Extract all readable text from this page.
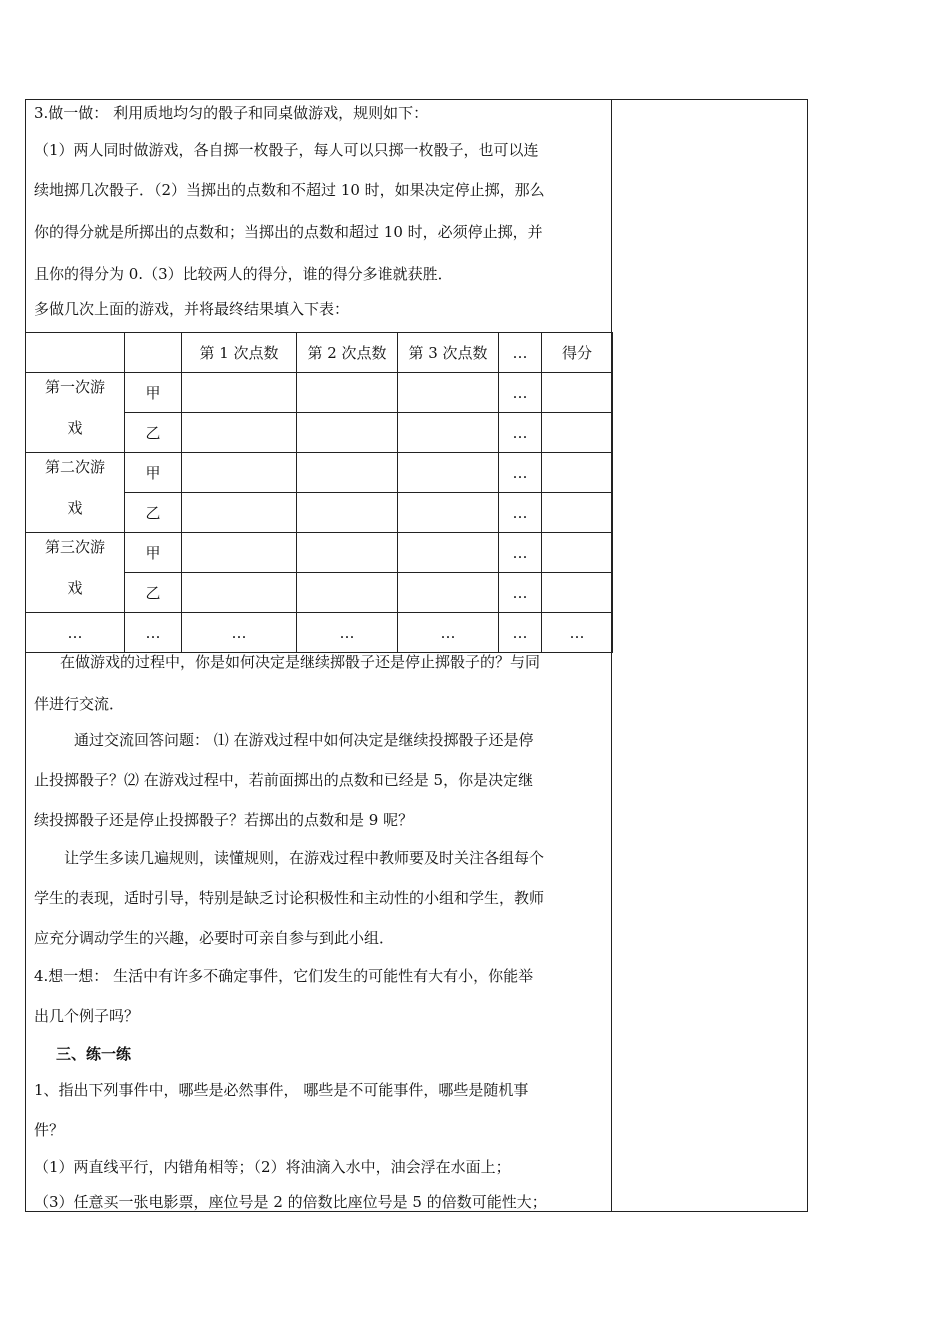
3.做一做： 利用质地均匀的骰子和同桌做游戏，规则如下：
（1）两人同时做游戏，各自掷一枚骰子，每人可以只掷一枚骰子，也可以连
续地掷几次骰子．（2）当掷出的点数和不超过 10 时，如果决定停止掷，那么
你的得分就是所掷出的点数和；当掷出的点数和超过 10 时，必须停止掷，并
且你的得分为 0.（3）比较两人的得分，谁的得分多谁就获胜．
多做几次上面的游戏，并将最终结果填入下表：
		第 1 次点数	第 2 次点数	第 3 次点数	…	得分

第一次游
戏	甲				…	
	乙				…	

第二次游
戏	甲				…	
	乙				…	

第三次游
戏	甲				…	
	乙				…	
…	…	…	…	…	…	…
在做游戏的过程中，你是如何决定是继续掷骰子还是停止掷骰子的？与同
伴进行交流．
通过交流回答问题： ⑴ 在游戏过程中如何决定是继续投掷骰子还是停
止投掷骰子？⑵ 在游戏过程中，若前面掷出的点数和已经是 5，你是决定继
续投掷骰子还是停止投掷骰子？若掷出的点数和是 9 呢？
让学生多读几遍规则，读懂规则，在游戏过程中教师要及时关注各组每个
学生的表现，适时引导，特别是缺乏讨论积极性和主动性的小组和学生，教师
应充分调动学生的兴趣，必要时可亲自参与到此小组．
4.想一想： 生活中有许多不确定事件，它们发生的可能性有大有小，你能举
出几个例子吗？
三、练一练
1、指出下列事件中，哪些是必然事件， 哪些是不可能事件，哪些是随机事
件？
（1）两直线平行，内错角相等；（2）将油滴入水中，油会浮在水面上；
（3）任意买一张电影票，座位号是 2 的倍数比座位号是 5 的倍数可能性大；
